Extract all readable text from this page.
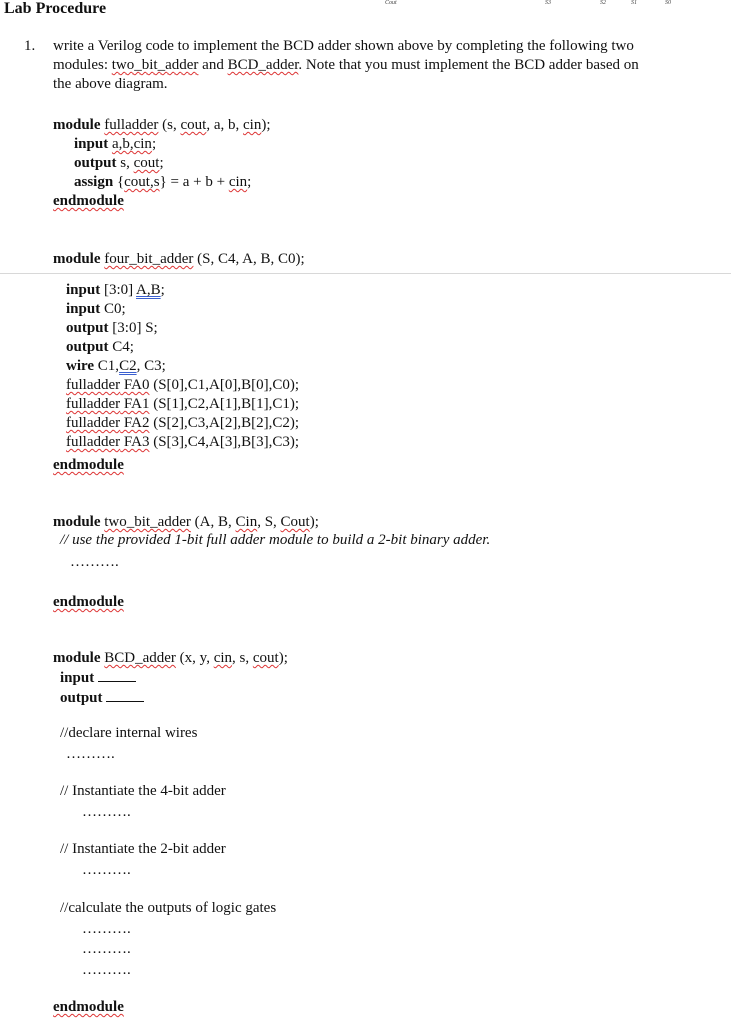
Cout	S3	S2	S1	S0
Lab Procedure
1. write a Verilog code to implement the BCD adder shown above by completing the following two
modules: two_bit_adder and BCD_adder. Note that you must implement the BCD adder based on
the above diagram.
module fulladder (s, cout, a, b, cin);
input a,b,cin;
output s, cout;
assign {cout,s} = a + b + cin;
endmodule
module four_bit_adder (S, C4, A, B, C0);
input [3:0] A,B;
input C0;
output [3:0] S;
output C4;
wire C1,C2, C3;
fulladder FA0 (S[0],C1,A[0],B[0],C0);
fulladder FA1 (S[1],C2,A[1],B[1],C1);
fulladder FA2 (S[2],C3,A[2],B[2],C2);
fulladder FA3 (S[3],C4,A[3],B[3],C3);
endmodule
module two_bit_adder (A, B, Cin, S, Cout);
// use the provided 1-bit full adder module to build a 2-bit binary adder.
……….
endmodule
module BCD_adder (x, y, cin, s, cout);
input
output
//declare internal wires
……….
// Instantiate the 4-bit adder
……….
// Instantiate the 2-bit adder
……….
//calculate the outputs of logic gates
……….
……….
……….
endmodule
